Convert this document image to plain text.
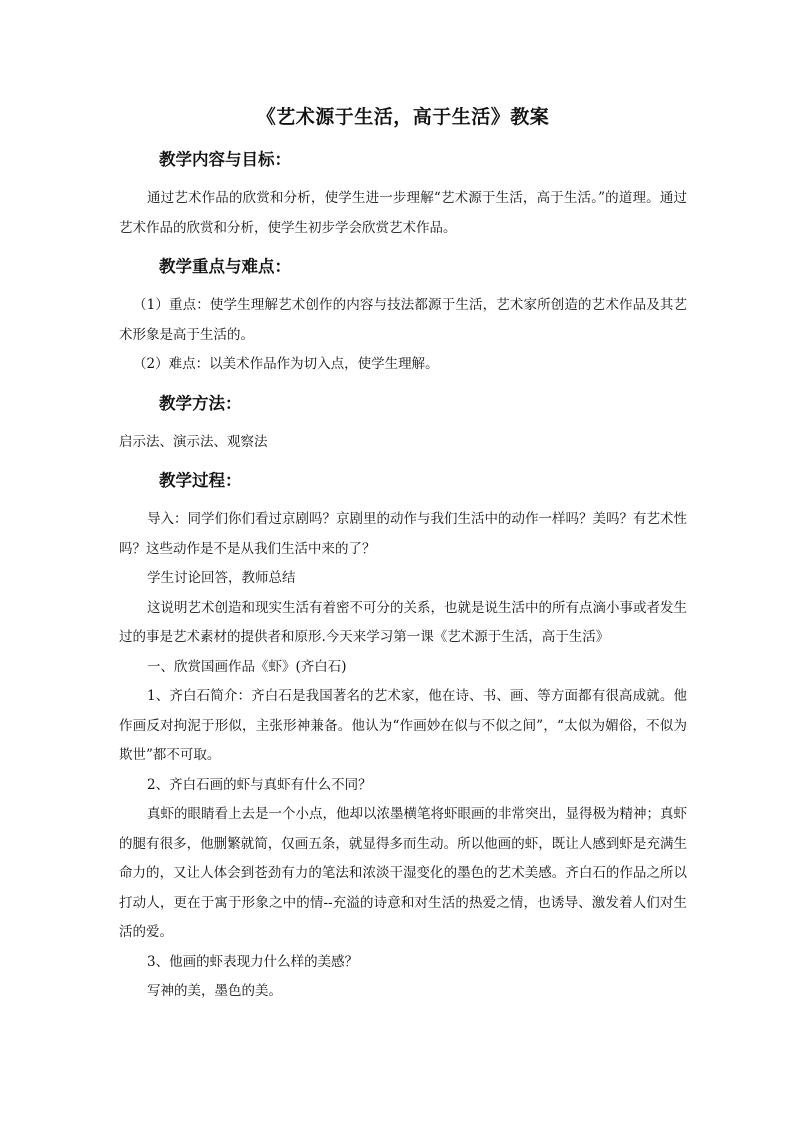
《艺术源于生活，高于生活》教案
教学内容与目标：

通过艺术作品的欣赏和分析，使学生进一步理解“艺术源于生活，高于生活。”的道理。通过艺术作品的欣赏和分析，使学生初步学会欣赏艺术作品。

教学重点与难点：

（1）重点：使学生理解艺术创作的内容与技法都源于生活，艺术家所创造的艺术作品及其艺术形象是高于生活的。

（2）难点：以美术作品作为切入点，使学生理解。

教学方法：

启示法、演示法、观察法

教学过程：

导入：同学们你们看过京剧吗？京剧里的动作与我们生活中的动作一样吗？美吗？有艺术性吗？这些动作是不是从我们生活中来的了？

学生讨论回答，教师总结

这说明艺术创造和现实生活有着密不可分的关系，也就是说生活中的所有点滴小事或者发生过的事是艺术素材的提供者和原形.今天来学习第一课《艺术源于生活，高于生活》

一、欣赏国画作品《虾》(齐白石)

1、齐白石简介：齐白石是我国著名的艺术家，他在诗、书、画、等方面都有很高成就。他作画反对拘泥于形似，主张形神兼备。他认为“作画妙在似与不似之间”，“太似为媚俗，不似为欺世”都不可取。

2、齐白石画的虾与真虾有什么不同？

真虾的眼睛看上去是一个小点，他却以浓墨横笔将虾眼画的非常突出，显得极为精神；真虾的腿有很多，他删繁就简，仅画五条，就显得多而生动。所以他画的虾，既让人感到虾是充满生命力的，又让人体会到苍劲有力的笔法和浓淡干湿变化的墨色的艺术美感。齐白石的作品之所以打动人，更在于寓于形象之中的情--充溢的诗意和对生活的热爱之情，也诱导、激发着人们对生活的爱。

3、他画的虾表现力什么样的美感？

写神的美，墨色的美。
